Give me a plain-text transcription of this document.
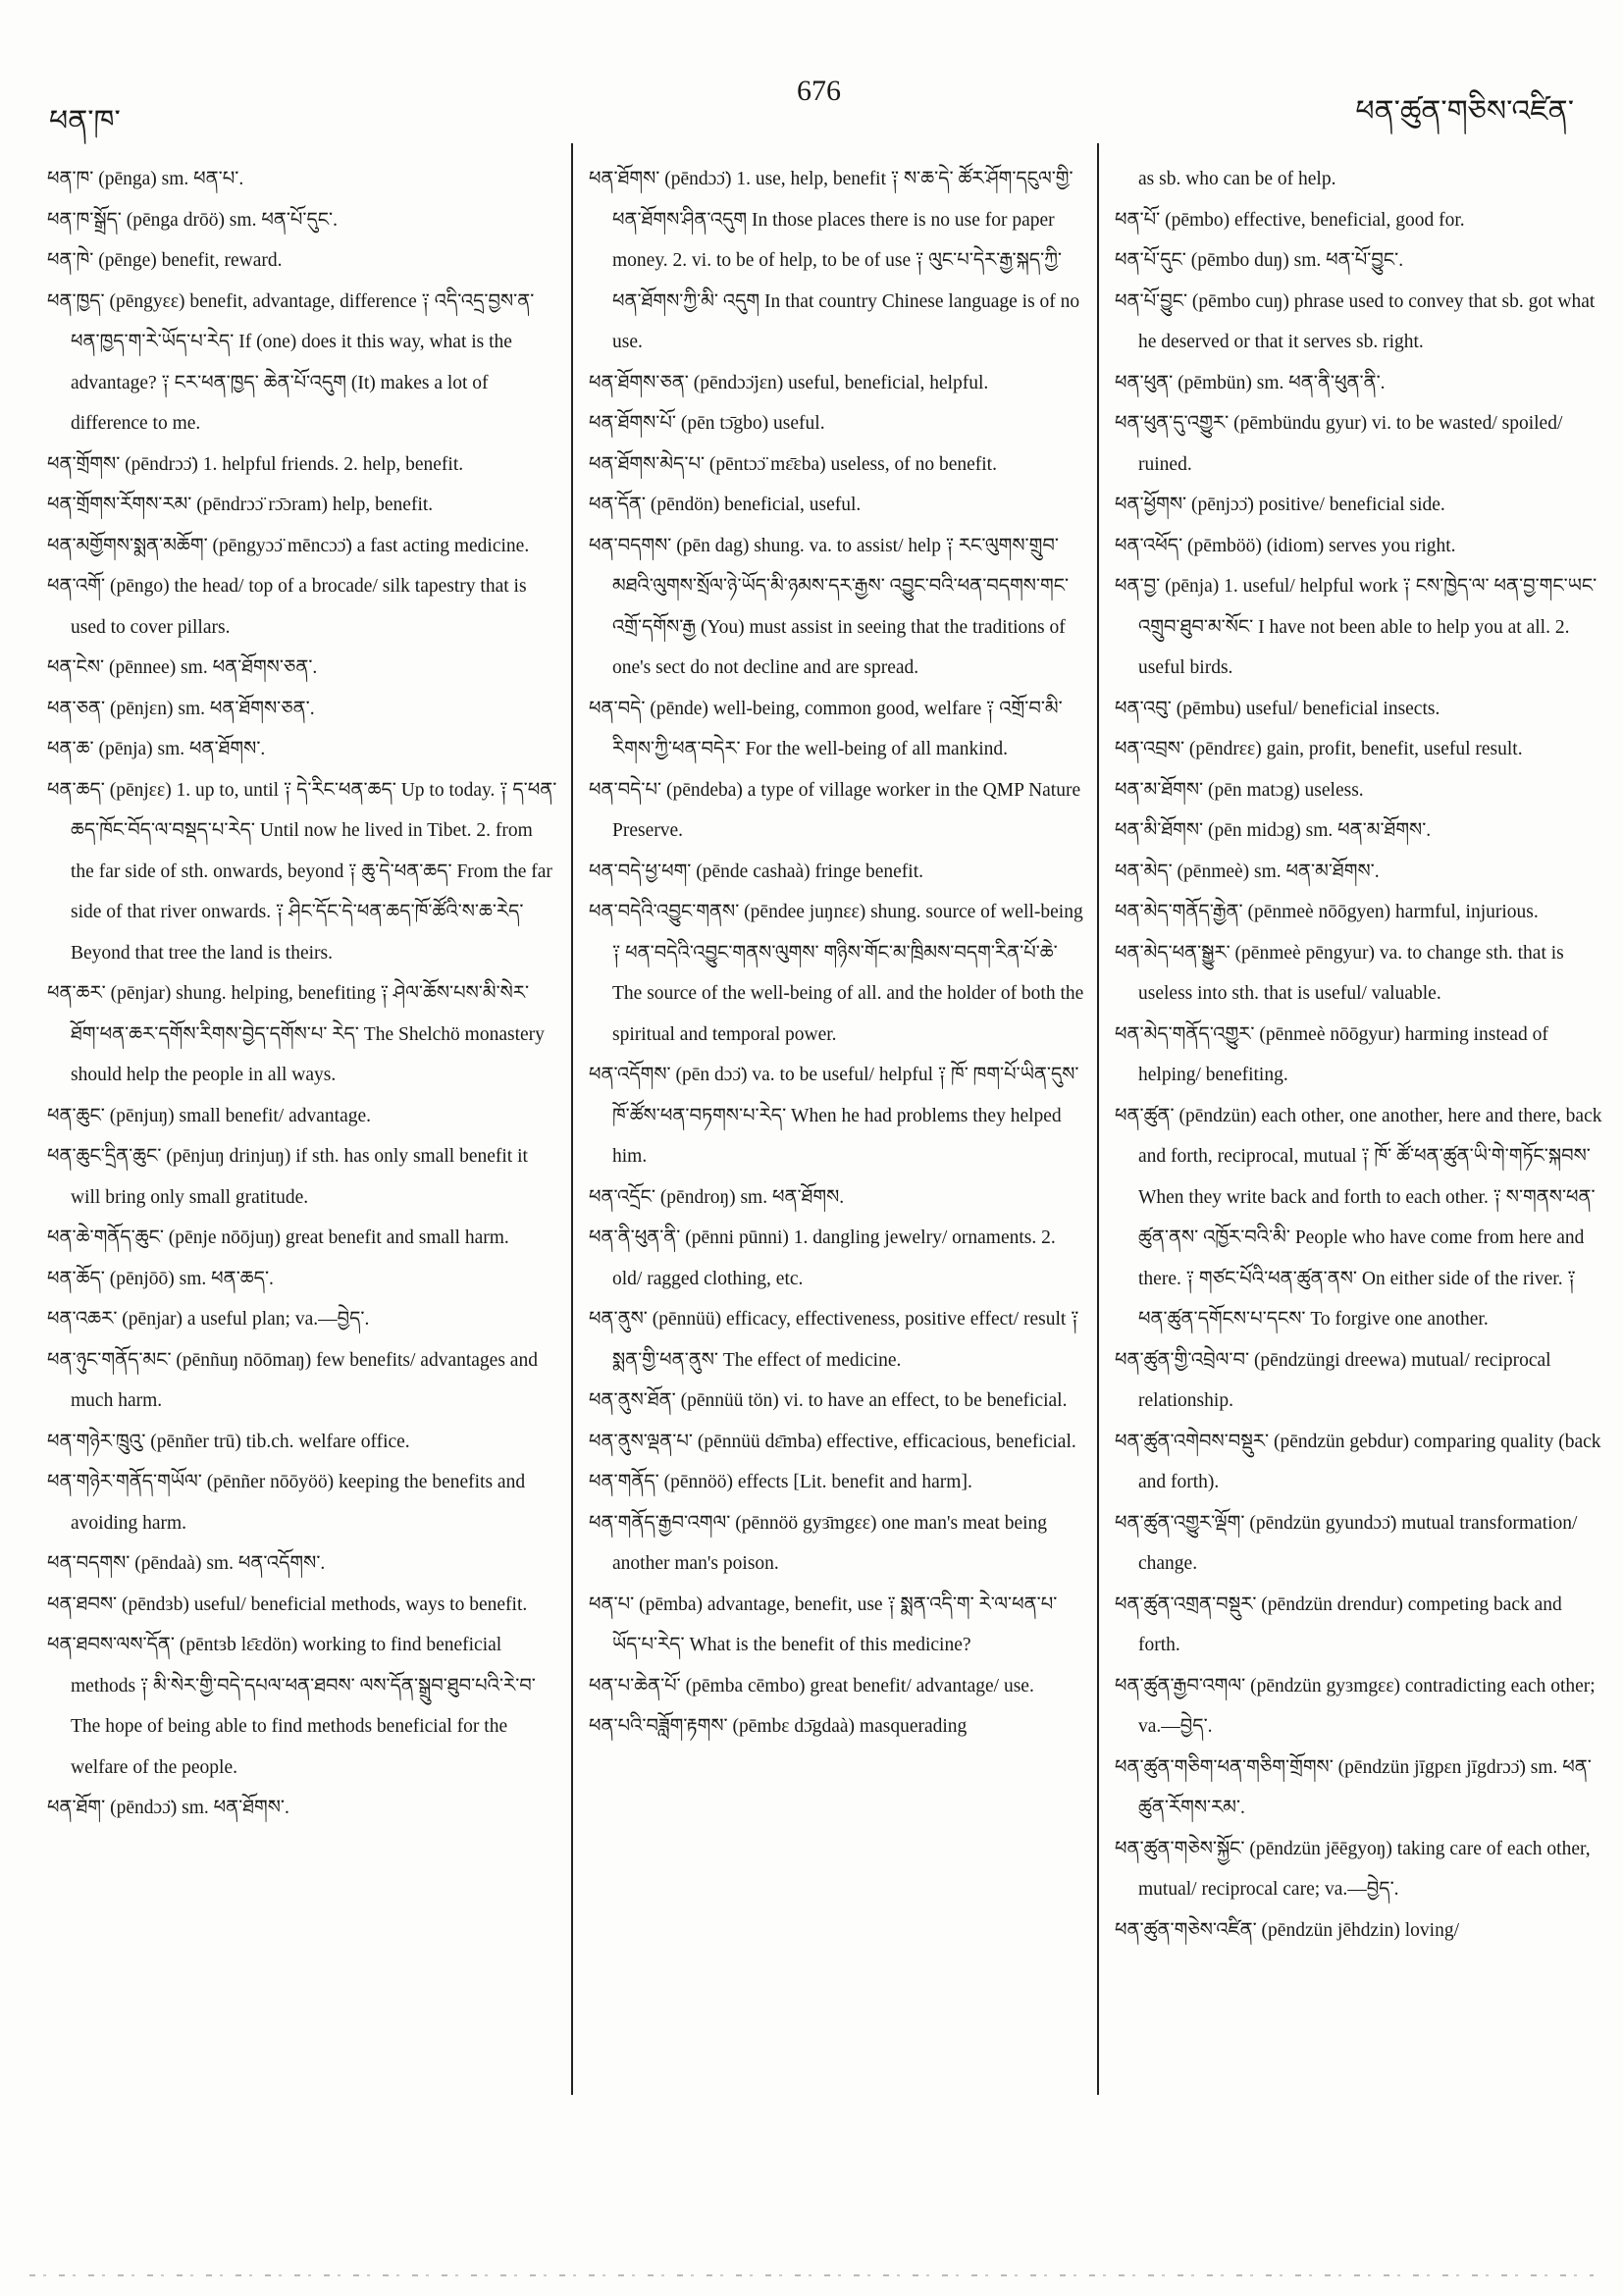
ཕན་ཁ་
676
ཕན་ཚུན་གཅིས་འཛིན་
ཕན་ཁ་ (pēnga) sm. ཕན་པ་.
ཕན་ཁ་སྒྲོད་ (pēnga drōö) sm. ཕན་པོ་དུང་.
ཕན་ཁེ་ (pēnge) benefit, reward.
ཕན་ཁྱད་ (pēngyεε) benefit, advantage, difference ༑ འདི་འདྲ་བྱས་ན་ཕན་ཁྱད་ག་རེ་ཡོད་པ་རེད་ If (one) does it this way, what is the advantage? ༑ ངར་ཕན་ཁྱད་ ཆེན་པོ་འདུག (It) makes a lot of difference to me.
ཕན་གྲོགས་ (pēndrɔɔ̈) 1. helpful friends. 2. help, benefit.
ཕན་གྲོགས་རོགས་རམ་ (pēndrɔɔ̈ rɔ̄ɔram) help, benefit.
ཕན་མགྱོགས་སྨན་མཆོག་ (pēngyɔɔ̈ mēncɔɔ̈) a fast acting medicine.
ཕན་འགོ་ (pēngo) the head/ top of a brocade/ silk tapestry that is used to cover pillars.
ཕན་ངེས་ (pēnnee) sm. ཕན་ཐོགས་ཅན་.
ཕན་ཅན་ (pēnjεn) sm. ཕན་ཐོགས་ཅན་.
ཕན་ཆ་ (pēnja) sm. ཕན་ཐོགས་.
ཕན་ཆད་ (pēnjεε) 1. up to, until ༑ དེ་རིང་ཕན་ཆད་ Up to today. ༑ ད་ཕན་ཆད་ཁོང་བོད་ལ་བསྡད་པ་རེད་ Until now he lived in Tibet. 2. from the far side of sth. onwards, beyond ༑ ཆུ་དེ་ཕན་ཆད་ From the far side of that river onwards. ༑ ཤིང་དོང་དེ་ཕན་ཆད་ཁོ་ཚོའི་ས་ཆ་རེད་ Beyond that tree the land is theirs.
ཕན་ཆར་ (pēnjar) shung. helping, benefiting ༑ ཤེལ་ཆོས་པས་མི་སེར་ཐོག་ཕན་ཆར་དགོས་རིགས་བྱེད་དགོས་པ་ རེད་ The Shelchö monastery should help the people in all ways.
ཕན་ཆུང་ (pēnjuŋ) small benefit/ advantage.
ཕན་ཆུང་དྲིན་ཆུང་ (pēnjuŋ drinjuŋ) if sth. has only small benefit it will bring only small gratitude.
ཕན་ཆེ་གནོད་ཆུང་ (pēnje nōōjuŋ) great benefit and small harm.
ཕན་ཆོད་ (pēnjōō) sm. ཕན་ཆད་.
ཕན་འཆར་ (pēnjar) a useful plan; va.—བྱེད་.
ཕན་ཉུང་གནོད་མང་ (pēnñuŋ nōōmaŋ) few benefits/ advantages and much harm.
ཕན་གཉེར་ཁྲུའུ་ (pēnñer trū) tib.ch. welfare office.
ཕན་གཉེར་གནོད་གཡོལ་ (pēnñer nōōyöö) keeping the benefits and avoiding harm.
ཕན་བདགས་ (pēndaà) sm. ཕན་འདོགས་.
ཕན་ཐབས་ (pēndɜb) useful/ beneficial methods, ways to benefit.
ཕན་ཐབས་ལས་དོན་ (pēntɜb lɛ̄ɛdön) working to find beneficial methods ༑ མི་སེར་གྱི་བདེ་དཔལ་ཕན་ཐབས་ ལས་དོན་སྒྲུབ་ཐུབ་པའི་རེ་བ་ The hope of being able to find methods beneficial for the welfare of the people.
ཕན་ཐོག་ (pēndɔɔ̈) sm. ཕན་ཐོགས་.
ཕན་ཐོགས་ (pēndɔɔ̈) 1. use, help, benefit ༑ ས་ཆ་དེ་ ཚོར་ཤོག་དངུལ་གྱི་ཕན་ཐོགས་ཤིན་འདུག In those places there is no use for paper money. 2. vi. to be of help, to be of use ༑ ལུང་པ་དེར་རྒྱ་སྐད་ཀྱི་ཕན་ཐོགས་ཀྱི་མི་ འདུག In that country Chinese language is of no use.
ཕན་ཐོགས་ཅན་ (pēndɔɔ̈jεn) useful, beneficial, helpful.
ཕན་ཐོགས་པོ་ (pēn tɔ̄gbo) useful.
ཕན་ཐོགས་མེད་པ་ (pēntɔɔ̈ mɛ̄ɛba) useless, of no benefit.
ཕན་དོན་ (pēndön) beneficial, useful.
ཕན་བདགས་ (pēn dag) shung. va. to assist/ help ༑ རང་ལུགས་གྲུབ་མཐའི་ལུགས་སྲོལ་ཉེ་ཡོད་མི་ཉམས་དར་རྒྱས་ འབྱུང་བའི་ཕན་བདགས་གང་འགྲོ་དགོས་རྒྱ (You) must assist in seeing that the traditions of one's sect do not decline and are spread.
ཕན་བདེ་ (pēnde) well-being, common good, welfare ༑ འགྲོ་བ་མི་རིགས་ཀྱི་ཕན་བདེར་ For the well-being of all mankind.
ཕན་བདེ་པ་ (pēndeba) a type of village worker in the QMP Nature Preserve.
ཕན་བདེ་ཕྱ་ཕག་ (pēnde cashaà) fringe benefit.
ཕན་བདེའི་འབྱུང་གནས་ (pēndee juŋnεε) shung. source of well-being ༑ ཕན་བདེའི་འབྱུང་གནས་ལུགས་ གཉིས་གོང་མ་ཁྲིམས་བདག་རིན་པོ་ཆེ་ The source of the well-being of all. and the holder of both the spiritual and temporal power.
ཕན་འདོགས་ (pēn dɔɔ̈) va. to be useful/ helpful ༑ ཁོ་ ཁག་པོ་ཡིན་དུས་ཁོ་ཚོས་ཕན་བཏགས་པ་རེད་ When he had problems they helped him.
ཕན་འདྲོང་ (pēndroŋ) sm. ཕན་ཐོགས.
ཕན་ནི་ཕུན་ནི་ (pēnni pūnni) 1. dangling jewelry/ ornaments. 2. old/ ragged clothing, etc.
ཕན་ནུས་ (pēnnüü) efficacy, effectiveness, positive effect/ result ༑ སྨན་གྱི་ཕན་ནུས་ The effect of medicine.
ཕན་ནུས་ཐོན་ (pēnnüü tön) vi. to have an effect, to be beneficial.
ཕན་ནུས་ལྡན་པ་ (pēnnüü dɛ̄mba) effective, efficacious, beneficial.
ཕན་གནོད་ (pēnnöö) effects [Lit. benefit and harm].
ཕན་གནོད་རྒྱབ་འགལ་ (pēnnöö gyɜ̄mgεε) one man's meat being another man's poison.
ཕན་པ་ (pēmba) advantage, benefit, use ༑ སྨན་འདི་ག་ རེ་ལ་ཕན་པ་ཡོད་པ་རེད་ What is the benefit of this medicine?
ཕན་པ་ཆེན་པོ་ (pēmba cēmbo) great benefit/ advantage/ use.
ཕན་པའི་བཟློག་རྟགས་ (pēmbε dɔ̄gdaà) masquerading
as sb. who can be of help.
ཕན་པོ་ (pēmbo) effective, beneficial, good for.
ཕན་པོ་དུང་ (pēmbo duŋ) sm. ཕན་པོ་བྱུང་.
ཕན་པོ་བྱུང་ (pēmbo cuŋ) phrase used to convey that sb. got what he deserved or that it serves sb. right.
ཕན་ཕུན་ (pēmbün) sm. ཕན་ནི་ཕུན་ནི་.
ཕན་ཕུན་དུ་འགྱུར་ (pēmbündu gyur) vi. to be wasted/ spoiled/ ruined.
ཕན་ཕྱོགས་ (pēnjɔɔ̈) positive/ beneficial side.
ཕན་འཕོད་ (pēmböö) (idiom) serves you right.
ཕན་བྱ་ (pēnja) 1. useful/ helpful work ༑ ངས་ཁྱེད་ལ་ ཕན་བྱ་གང་ཡང་འགྲུབ་ཐུབ་མ་སོང་ I have not been able to help you at all. 2. useful birds.
ཕན་འབུ་ (pēmbu) useful/ beneficial insects.
ཕན་འབྲས་ (pēndrεε) gain, profit, benefit, useful result.
ཕན་མ་ཐོགས་ (pēn matɔg) useless.
ཕན་མི་ཐོགས་ (pēn midɔg) sm. ཕན་མ་ཐོགས་.
ཕན་མེད་ (pēnmeè) sm. ཕན་མ་ཐོགས་.
ཕན་མེད་གནོད་རྒྱེན་ (pēnmeè nōōgyen) harmful, injurious.
ཕན་མེད་ཕན་སྒྱུར་ (pēnmeè pēngyur) va. to change sth. that is useless into sth. that is useful/ valuable.
ཕན་མེད་གནོད་འགྱུར་ (pēnmeè nōōgyur) harming instead of helping/ benefiting.
ཕན་ཚུན་ (pēndzün) each other, one another, here and there, back and forth, reciprocal, mutual ༑ ཁོ་ ཚོ་ཕན་ཚུན་ཡི་གེ་གཏོང་སྐབས་ When they write back and forth to each other. ༑ ས་གནས་ཕན་ཚུན་ནས་ འཁྱོར་བའི་མི་ People who have come from here and there. ༑ གཙང་པོའི་ཕན་ཚུན་ནས་ On either side of the river. ༑ ཕན་ཚུན་དགོངས་པ་དངས་ To forgive one another.
ཕན་ཚུན་གྱི་འབྲེལ་བ་ (pēndzüngi dreewa) mutual/ reciprocal relationship.
ཕན་ཚུན་འགེབས་བསྡུར་ (pēndzün gebdur) comparing quality (back and forth).
ཕན་ཚུན་འགྱུར་ལྡོག་ (pēndzün gyundɔɔ̈) mutual transformation/ change.
ཕན་ཚུན་འགྲན་བསྡུར་ (pēndzün drendur) competing back and forth.
ཕན་ཚུན་རྒྱབ་འགལ་ (pēndzün gyɜmgεε) contradicting each other; va.—བྱེད་.
ཕན་ཚུན་གཅིག་ཕན་གཅིག་གྲོགས་ (pēndzün jīgpεn jīgdrɔɔ̈) sm. ཕན་ཚུན་རོགས་རམ་.
ཕན་ཚུན་གཅེས་སྐྱོང་ (pēndzün jēēgyoŋ) taking care of each other, mutual/ reciprocal care; va.—བྱེད་.
ཕན་ཚུན་གཅེས་འཛིན་ (pēndzün jēhdzin) loving/
